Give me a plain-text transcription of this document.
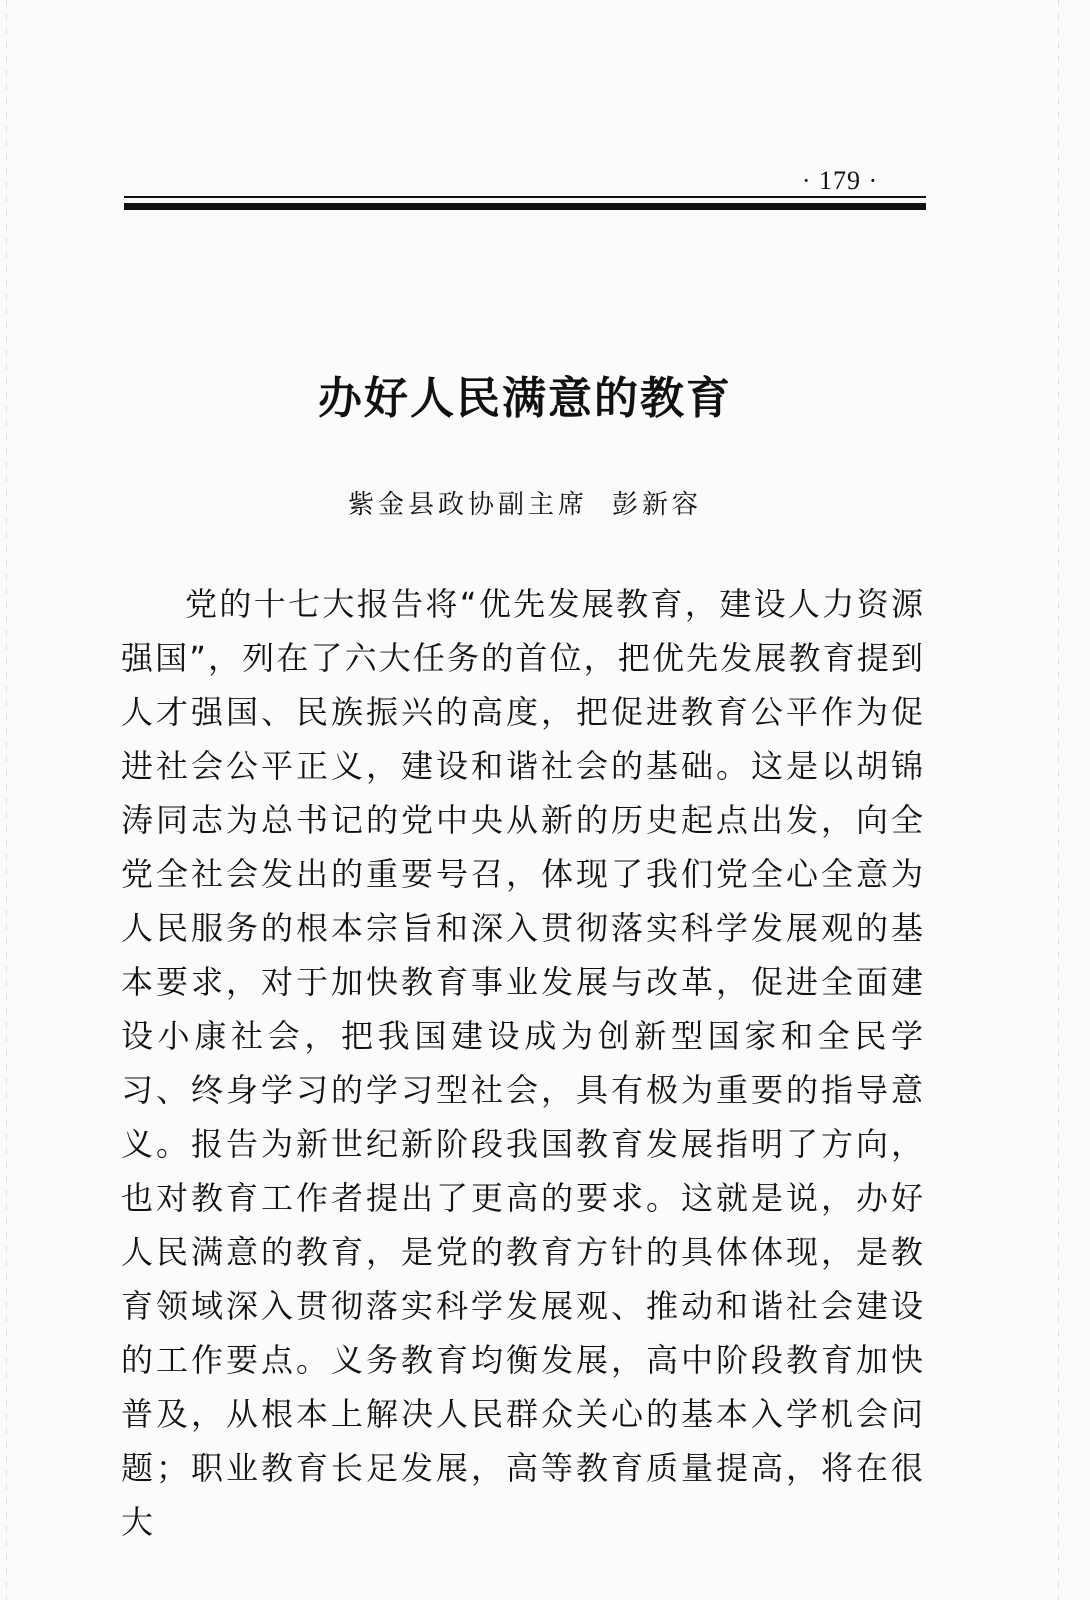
· 179 ·
办好人民满意的教育
紫金县政协副主席 彭新容

党的十七大报告将“优先发展教育，建设人力资源强国”，列在了六大任务的首位，把优先发展教育提到人才强国、民族振兴的高度，把促进教育公平作为促进社会公平正义，建设和谐社会的基础。这是以胡锦涛同志为总书记的党中央从新的历史起点出发，向全党全社会发出的重要号召，体现了我们党全心全意为人民服务的根本宗旨和深入贯彻落实科学发展观的基本要求，对于加快教育事业发展与改革，促进全面建设小康社会，把我国建设成为创新型国家和全民学习、终身学习的学习型社会，具有极为重要的指导意义。报告为新世纪新阶段我国教育发展指明了方向，也对教育工作者提出了更高的要求。这就是说，办好人民满意的教育，是党的教育方针的具体体现，是教育领域深入贯彻落实科学发展观、推动和谐社会建设的工作要点。义务教育均衡发展，高中阶段教育加快普及，从根本上解决人民群众关心的基本入学机会问题；职业教育长足发展，高等教育质量提高，将在很大
